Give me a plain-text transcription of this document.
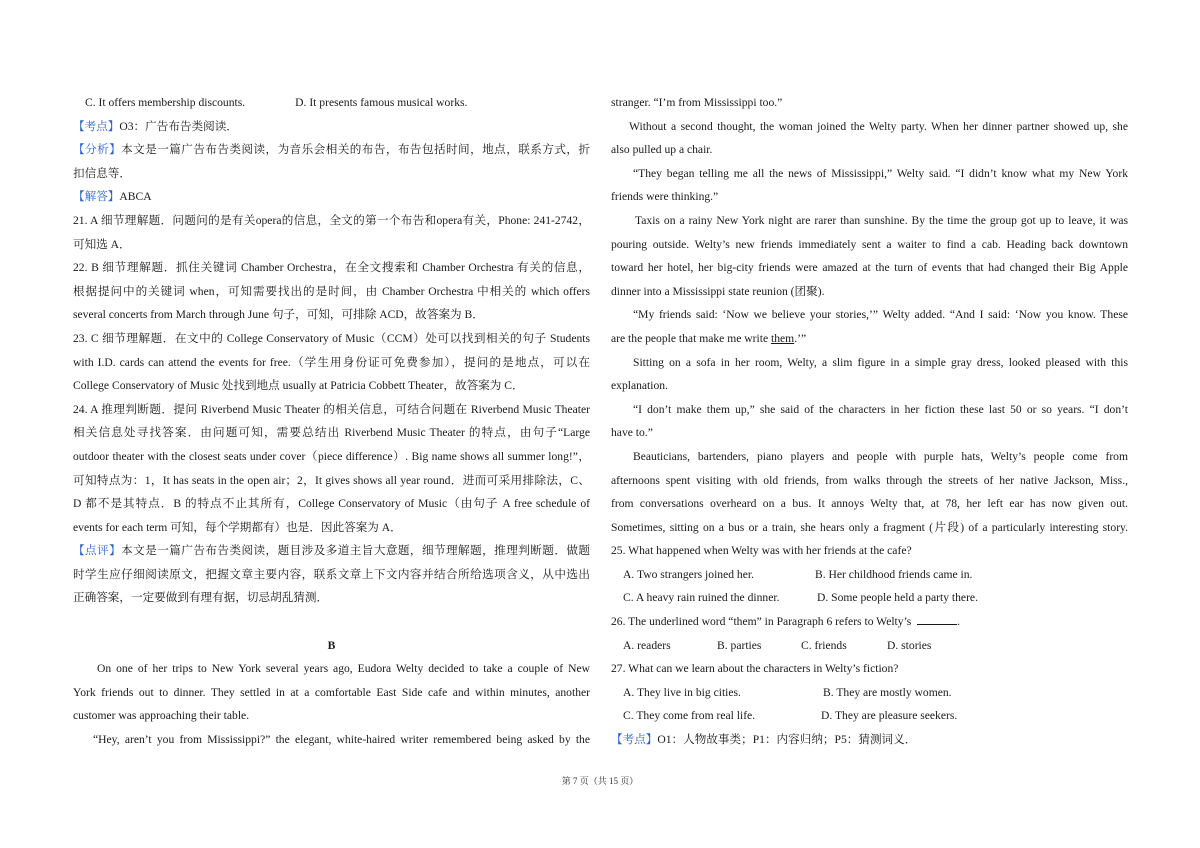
C. It offers membership discounts.	D. It presents famous musical works.
【考点】O3：广告布告类阅读．
【分析】本文是一篇广告布告类阅读，为音乐会相关的布告，布告包括时间，地点，联系方式，折
扣信息等．
【解答】ABCA
21. A 细节理解题．问题问的是有关opera的信息，全文的第一个布告和opera有关，Phone: 241-2742，
可知选 A．
22. B 细节理解题．抓住关键词 Chamber Orchestra，在全文搜索和 Chamber Orchestra 有关的信息，
根据提问中的关键词 when，可知需要找出的是时间，由 Chamber Orchestra 中相关的 which offers
several concerts from March through June 句子，可知，可排除 ACD，故答案为 B．
23. C 细节理解题．在文中的 College Conservatory of Music（CCM）处可以找到相关的句子 Students
with I.D. cards can attend the events for free.（学生用身份证可免费参加），提问的是地点，可以在
College Conservatory of Music 处找到地点 usually at Patricia Cobbett Theater，故答案为 C．
24. A 推理判断题．提问 Riverbend Music Theater 的相关信息，可结合问题在 Riverbend Music Theater
相关信息处寻找答案．由问题可知，需要总结出 Riverbend Music Theater 的特点，由句子“Large
outdoor theater with the closest seats under cover（piece difference）. Big name shows all summer long!”，
可知特点为：1，It has seats in the open air；2，It gives shows all year round．进而可采用排除法，C、
D 都不是其特点．B 的特点不止其所有，College Conservatory of Music（由句子 A free schedule of
events for each term 可知，每个学期都有）也是．因此答案为 A．
【点评】本文是一篇广告布告类阅读，题目涉及多道主旨大意题，细节理解题，推理判断题．做题
时学生应仔细阅读原文，把握文章主要内容，联系文章上下文内容并结合所给选项含义，从中选出
正确答案，一定要做到有理有据，切忌胡乱猜测．
B
On one of her trips to New York several years ago, Eudora Welty decided to take a couple of New
York friends out to dinner. They settled in at a comfortable East Side cafe and within minutes, another
customer was approaching their table.
“Hey, aren’t you from Mississippi?” the elegant, white-haired writer remembered being asked by the
stranger. “I’m from Mississippi too.”
Without a second thought, the woman joined the Welty party. When her dinner partner showed up, she
also pulled up a chair.
“They began telling me all the news of Mississippi,” Welty said. “I didn’t know what my New York
friends were thinking.”
Taxis on a rainy New York night are rarer than sunshine. By the time the group got up to leave, it was
pouring outside. Welty’s new friends immediately sent a waiter to find a cab. Heading back downtown
toward her hotel, her big-city friends were amazed at the turn of events that had changed their Big Apple
dinner into a Mississippi state reunion (团聚).
“My friends said: ‘Now we believe your stories,’” Welty added. “And I said: ‘Now you know. These
are the people that make me write them.’”
Sitting on a sofa in her room, Welty, a slim figure in a simple gray dress, looked pleased with this
explanation.
“I don’t make them up,” she said of the characters in her fiction these last 50 or so years. “I don’t
have to.”
Beauticians, bartenders, piano players and people with purple hats, Welty’s people come from
afternoons spent visiting with old friends, from walks through the streets of her native Jackson, Miss.,
from conversations overheard on a bus. It annoys Welty that, at 78, her left ear has now given out.
Sometimes, sitting on a bus or a train, she hears only a fragment (片段) of a particularly interesting story.
25. What happened when Welty was with her friends at the cafe?
A. Two strangers joined her.	B. Her childhood friends came in.
C. A heavy rain ruined the dinner.	D. Some people held a party there.
26. The underlined word “them” in Paragraph 6 refers to Welty’s	.
A. readers	B. parties	C. friends	D. stories
27. What can we learn about the characters in Welty’s fiction?
A. They live in big cities.	B. They are mostly women.
C. They come from real life.	D. They are pleasure seekers.
【考点】O1：人物故事类；P1：内容归纳；P5：猜测词义．
第 7 页（共 15 页）
